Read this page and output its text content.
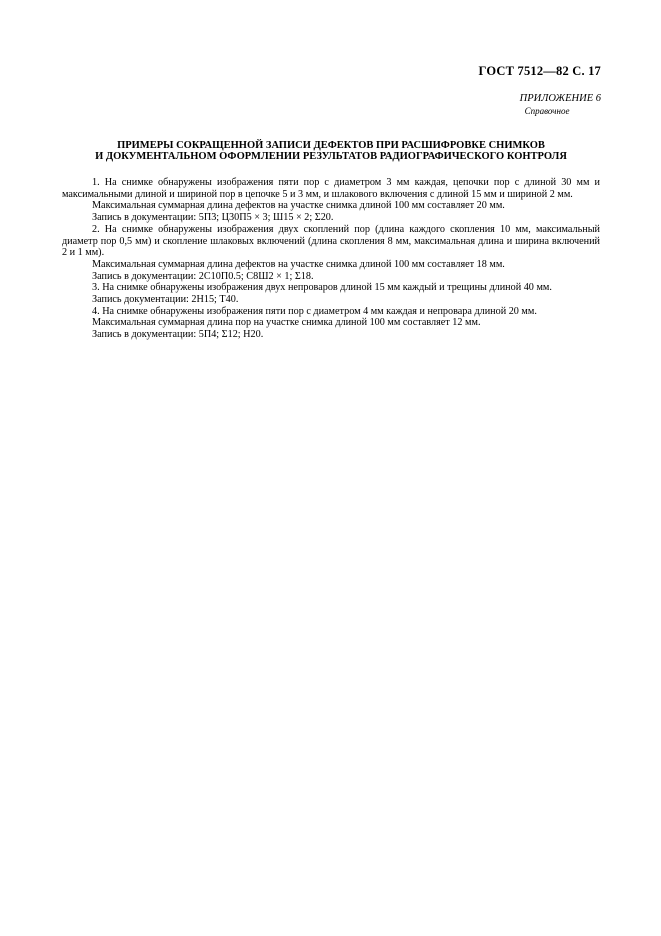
ГОСТ 7512—82 С. 17
ПРИЛОЖЕНИЕ 6
Справочное
ПРИМЕРЫ СОКРАЩЕННОЙ ЗАПИСИ ДЕФЕКТОВ ПРИ РАСШИФРОВКЕ СНИМКОВ
И ДОКУМЕНТАЛЬНОМ ОФОРМЛЕНИИ РЕЗУЛЬТАТОВ РАДИОГРАФИЧЕСКОГО КОНТРОЛЯ

1. На снимке обнаружены изображения пяти пор с диаметром 3 мм каждая, цепочки пор с длиной 30 мм и максимальными длиной и шириной пор в цепочке 5 и 3 мм, и шлакового включения с длиной 15 мм и шириной 2 мм.

Максимальная суммарная длина дефектов на участке снимка длиной 100 мм составляет 20 мм.

Запись в документации: 5П3; Ц30П5 × 3; Ш15 × 2; Σ20.

2. На снимке обнаружены изображения двух скоплений пор (длина каждого скопления 10 мм, максимальный диаметр пор 0,5 мм) и скопление шлаковых включений (длина скопления 8 мм, максимальная длина и ширина включений 2 и 1 мм).

Максимальная суммарная длина дефектов на участке снимка длиной 100 мм составляет 18 мм.

Запись в документации: 2С10П0.5; С8Ш2 × 1; Σ18.

3. На снимке обнаружены изображения двух непроваров длиной 15 мм каждый и трещины длиной 40 мм.

Запись документации: 2Н15; Т40.

4. На снимке обнаружены изображения пяти пор с диаметром 4 мм каждая и непровара длиной 20 мм.

Максимальная суммарная длина пор на участке снимка длиной 100 мм составляет 12 мм.

Запись в документации: 5П4; Σ12; Н20.
